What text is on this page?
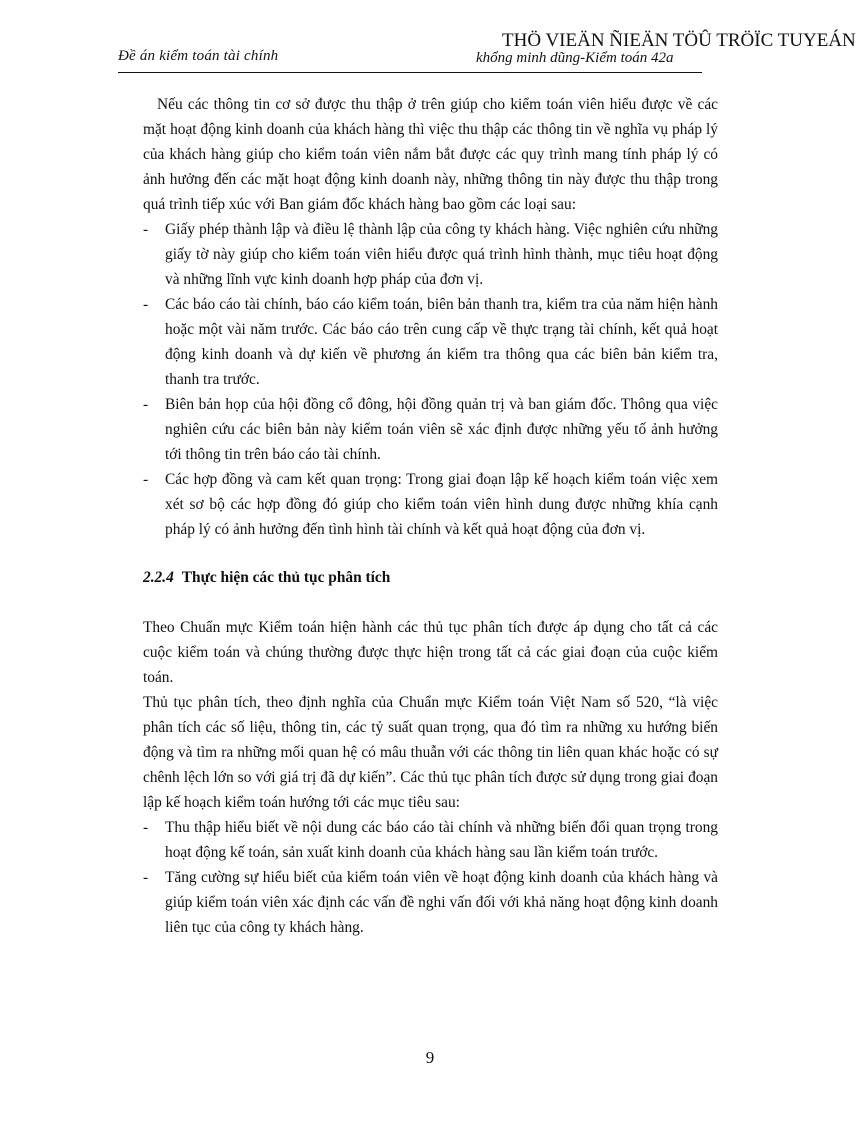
Đề án kiểm toán tài chính
THÖ VIEÄN ÑIEÄN TÖÛ TRÖÏC TUYEÁN
khổng minh dũng-Kiểm toán 42a

Nếu các thông tin cơ sở được thu thập ở trên giúp cho kiểm toán viên hiểu được về các mặt hoạt động kinh doanh của khách hàng thì việc thu thập các thông tin về nghĩa vụ pháp lý của khách hàng giúp cho kiểm toán viên nắm bắt được các quy trình mang tính pháp lý có ảnh hưởng đến các mặt hoạt động kinh doanh này, những thông tin này được thu thập trong quá trình tiếp xúc với Ban giám đốc khách hàng bao gồm các loại sau:

- Giấy phép thành lập và điều lệ thành lập của công ty khách hàng. Việc nghiên cứu những giấy tờ này giúp cho kiểm toán viên hiểu được quá trình hình thành, mục tiêu hoạt động và những lĩnh vực kinh doanh hợp pháp của đơn vị.
- Các báo cáo tài chính, báo cáo kiểm toán, biên bản thanh tra, kiểm tra của năm hiện hành hoặc một vài năm trước. Các báo cáo trên cung cấp về thực trạng tài chính, kết quả hoạt động kinh doanh và dự kiến về phương án kiểm tra thông qua các biên bản kiểm tra, thanh tra trước.
- Biên bản họp của hội đồng cổ đông, hội đồng quản trị và ban giám đốc. Thông qua việc nghiên cứu các biên bản này kiểm toán viên sẽ xác định được những yếu tố ảnh hưởng tới thông tin trên báo cáo tài chính.
- Các hợp đồng và cam kết quan trọng: Trong giai đoạn lập kế hoạch kiểm toán việc xem xét sơ bộ các hợp đồng đó giúp cho kiểm toán viên hình dung được những khía cạnh pháp lý có ảnh hưởng đến tình hình tài chính và kết quả hoạt động của đơn vị.
2.2.4 Thực hiện các thủ tục phân tích

Theo Chuẩn mực Kiểm toán hiện hành các thủ tục phân tích được áp dụng cho tất cả các cuộc kiểm toán và chúng thường được thực hiện trong tất cả các giai đoạn của cuộc kiểm toán.

Thủ tục phân tích, theo định nghĩa của Chuẩn mực Kiểm toán Việt Nam số 520, “là việc phân tích các số liệu, thông tin, các tỷ suất quan trọng, qua đó tìm ra những xu hướng biến động và tìm ra những mối quan hệ có mâu thuẫn với các thông tin liên quan khác hoặc có sự chênh lệch lớn so với giá trị đã dự kiến”. Các thủ tục phân tích được sử dụng trong giai đoạn lập kế hoạch kiểm toán hướng tới các mục tiêu sau:

- Thu thập hiểu biết về nội dung các báo cáo tài chính và những biến đổi quan trọng trong hoạt động kế toán, sản xuất kinh doanh của khách hàng sau lần kiểm toán trước.
- Tăng cường sự hiểu biết của kiểm toán viên về hoạt động kinh doanh của khách hàng và giúp kiểm toán viên xác định các vấn đề nghi vấn đối với khả năng hoạt động kinh doanh liên tục của công ty khách hàng.
9
